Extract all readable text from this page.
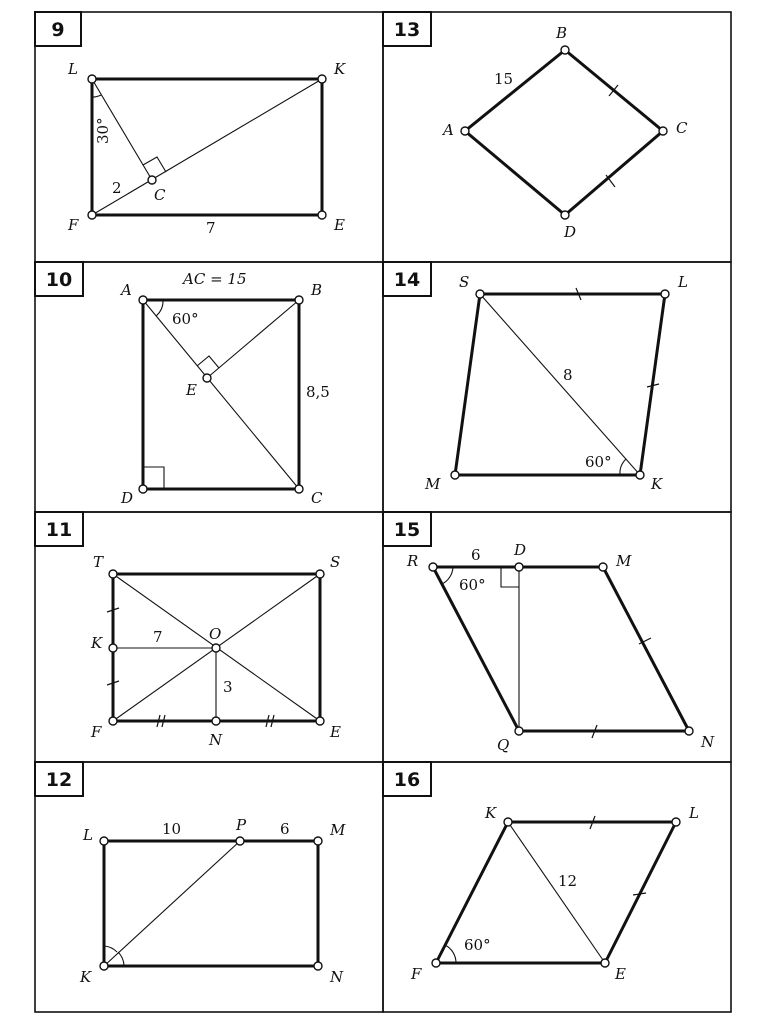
9
L	K
E
F
C
30°
2
7
13	B
C
D
A
15
10	AC = 15
A	B
C
D
E
60°
8,5
14	S	L
K
M
8
60°
11
T	S
K	O
F	N	E
7
3
15
R
D
M
N
Q
6
60°
12
L
P	M
N
K
10	6
16
K	L
E
F
12
60°
